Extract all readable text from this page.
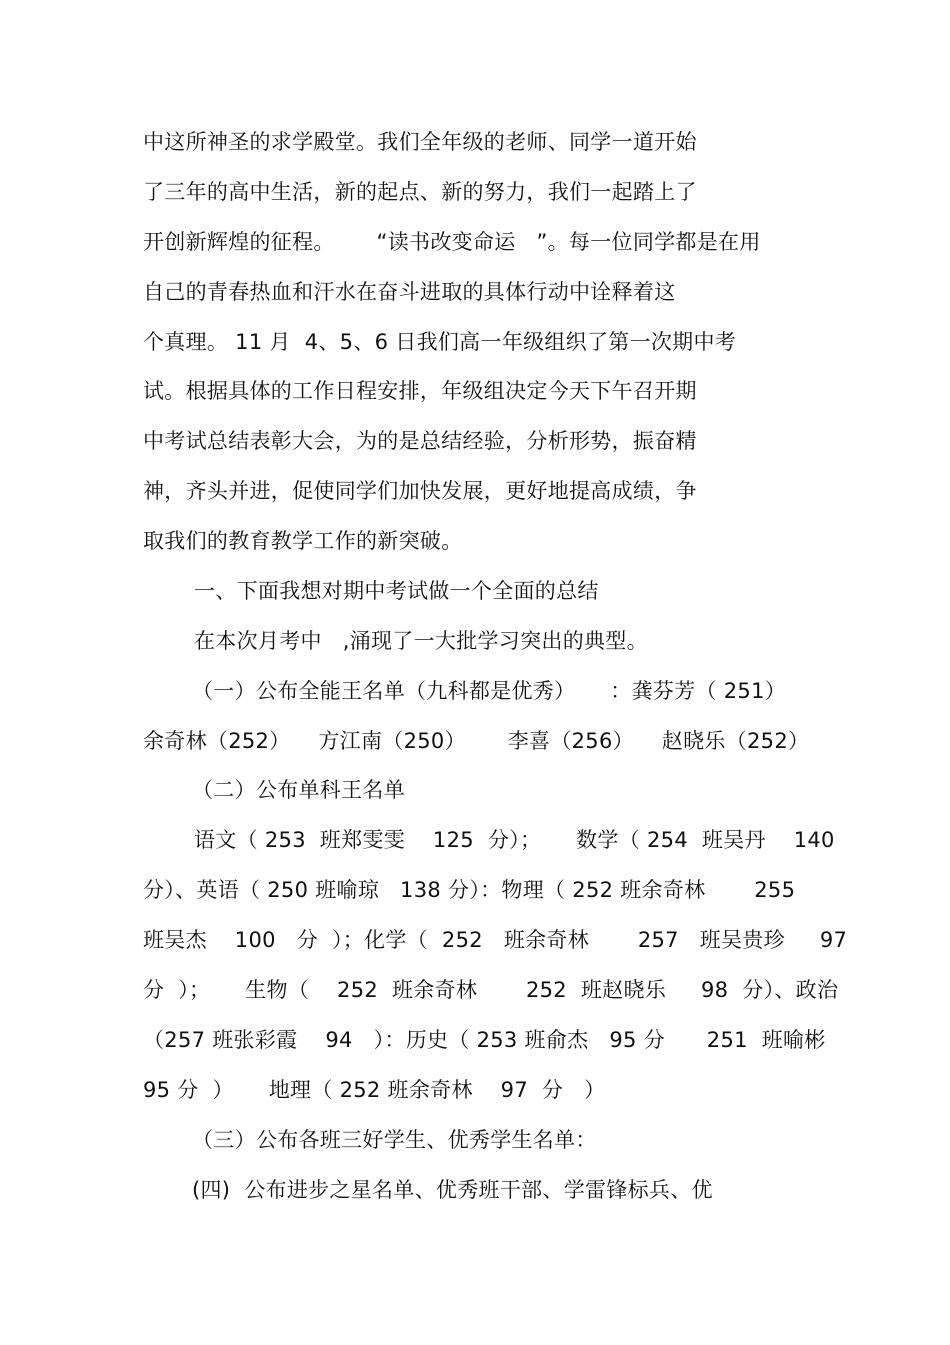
中这所神圣的求学殿堂。我们全年级的老师、同学一道开始
了三年的高中生活，新的起点、新的努力，我们一起踏上了
开创新辉煌的征程。      “读书改变命运   ”。每一位同学都是在用
自己的青春热血和汗水在奋斗进取的具体行动中诠释着这
个真理。 11 月  4、5、6 日我们高一年级组织了第一次期中考
试。根据具体的工作日程安排，年级组决定今天下午召开期
中考试总结表彰大会，为的是总结经验，分析形势，振奋精
神，齐头并进，促使同学们加快发展，更好地提高成绩，争
取我们的教育教学工作的新突破。
一、下面我想对期中考试做一个全面的总结
在本次月考中   ,涌现了一大批学习突出的典型。
（一）公布全能王名单（九科都是优秀）     ：龚芬芳（ 251）
余奇林（252）    方江南（250）      李喜（256）    赵晓乐（252）
（二）公布单科王名单
语文（ 253  班郑雯雯    125  分）；     数学（ 254  班吴丹    140
分）、英语（ 250 班喻琼   138 分）：物理（ 252 班余奇林       255
班吴杰    100   分  ）；化学（  252   班余奇林       257   班吴贵珍     97
分  ）；     生物（    252  班余奇林       252  班赵晓乐     98  分）、政治
（257 班张彩霞    94   ）：历史（ 253 班俞杰   95 分      251  班喻彬
95 分  ）     地理（ 252 班余奇林    97  分   ）
（三）公布各班三好学生、优秀学生名单：
(四)  公布进步之星名单、优秀班干部、学雷锋标兵、优
